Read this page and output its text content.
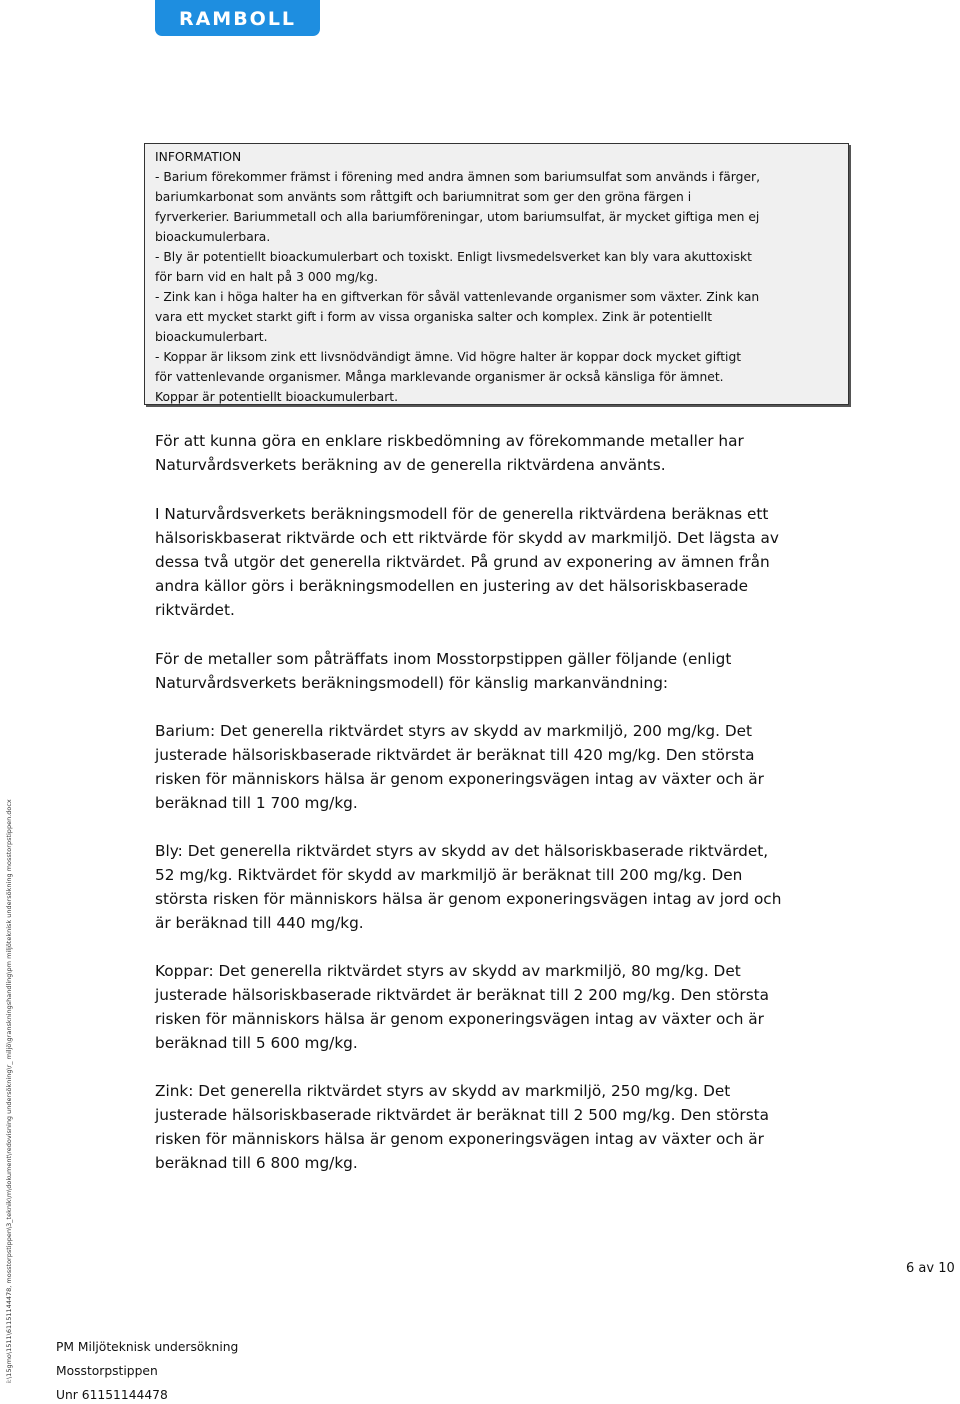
RAMBOLL

INFORMATION

- Barium förekommer främst i förening med andra ämnen som bariumsulfat som används i färger,

bariumkarbonat som använts som råttgift och bariumnitrat som ger den gröna färgen i

fyrverkerier. Bariummetall och alla bariumföreningar, utom bariumsulfat, är mycket giftiga men ej

bioackumulerbara.

- Bly är potentiellt bioackumulerbart och toxiskt. Enligt livsmedelsverket kan bly vara akuttoxiskt

för barn vid en halt på 3 000 mg/kg.

- Zink kan i höga halter ha en giftverkan för såväl vattenlevande organismer som växter. Zink kan

vara ett mycket starkt gift i form av vissa organiska salter och komplex. Zink är potentiellt

bioackumulerbart.

- Koppar är liksom zink ett livsnödvändigt ämne. Vid högre halter är koppar dock mycket giftigt

för vattenlevande organismer. Många marklevande organismer är också känsliga för ämnet.

Koppar är potentiellt bioackumulerbart.

För att kunna göra en enklare riskbedömning av förekommande metaller har

Naturvårdsverkets beräkning av de generella riktvärdena använts.

I Naturvårdsverkets beräkningsmodell för de generella riktvärdena beräknas ett

hälsoriskbaserat riktvärde och ett riktvärde för skydd av markmiljö. Det lägsta av

dessa två utgör det generella riktvärdet. På grund av exponering av ämnen från

andra källor görs i beräkningsmodellen en justering av det hälsoriskbaserade

riktvärdet.

För de metaller som påträffats inom Mosstorpstippen gäller följande (enligt

Naturvårdsverkets beräkningsmodell) för känslig markanvändning:

Barium: Det generella riktvärdet styrs av skydd av markmiljö, 200 mg/kg. Det

justerade hälsoriskbaserade riktvärdet är beräknat till 420 mg/kg. Den största

risken för människors hälsa är genom exponeringsvägen intag av växter och är

beräknad till 1 700 mg/kg.

Bly: Det generella riktvärdet styrs av skydd av det hälsoriskbaserade riktvärdet,

52 mg/kg. Riktvärdet för skydd av markmiljö är beräknat till 200 mg/kg. Den

största risken för människors hälsa är genom exponeringsvägen intag av jord och

är beräknad till 440 mg/kg.

Koppar: Det generella riktvärdet styrs av skydd av markmiljö, 80 mg/kg. Det

justerade hälsoriskbaserade riktvärdet är beräknat till 2 200 mg/kg. Den största

risken för människors hälsa är genom exponeringsvägen intag av växter och är

beräknad till 5 600 mg/kg.

Zink: Det generella riktvärdet styrs av skydd av markmiljö, 250 mg/kg. Det

justerade hälsoriskbaserade riktvärdet är beräknat till 2 500 mg/kg. Den största

risken för människors hälsa är genom exponeringsvägen intag av växter och är

beräknad till 6 800 mg/kg.

6 av 10
PM Miljöteknisk undersökning
Mosstorpstippen
Unr 61151144478
i:\15gmo\1511\61151144478, mosstorpstippen\3_teknik\m\dokument\redovisning undersökning\r_ miljö\granskningshandling\pm miljöteknisk undersökning mosstorpstippen.docx
